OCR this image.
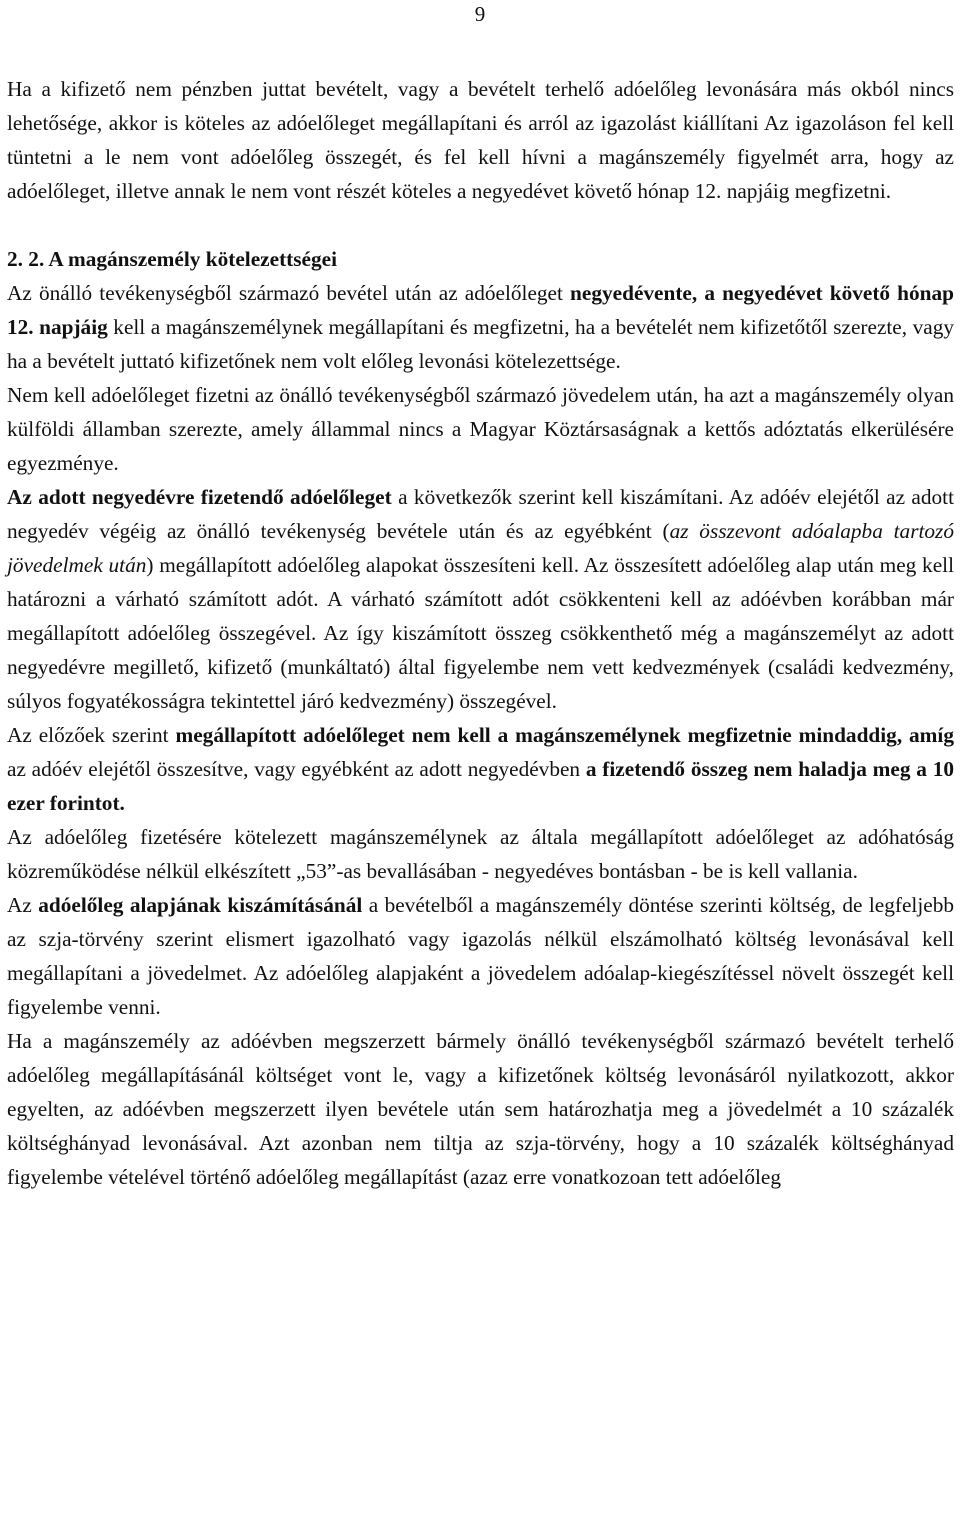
9

Ha a kifizető nem pénzben juttat bevételt, vagy a bevételt terhelő adóelőleg levonására más okból nincs lehetősége, akkor is köteles az adóelőleget megállapítani és arról az igazolást kiállítani Az igazoláson fel kell tüntetni a le nem vont adóelőleg összegét, és fel kell hívni a magánszemély figyelmét arra, hogy az adóelőleget, illetve annak le nem vont részét köteles a negyedévet követő hónap 12. napjáig megfizetni.

2. 2. A magánszemély kötelezettségei

Az önálló tevékenységből származó bevétel után az adóelőleget negyedévente, a negyedévet követő hónap 12. napjáig kell a magánszemélynek megállapítani és megfizetni, ha a bevételét nem kifizetőtől szerezte, vagy ha a bevételt juttató kifizetőnek nem volt előleg levonási kötelezettsége.

Nem kell adóelőleget fizetni az önálló tevékenységből származó jövedelem után, ha azt a magánszemély olyan külföldi államban szerezte, amely állammal nincs a Magyar Köztársaságnak a kettős adóztatás elkerülésére egyezménye.

Az adott negyedévre fizetendő adóelőleget a következők szerint kell kiszámítani. Az adóév elejétől az adott negyedév végéig az önálló tevékenység bevétele után és az egyébként (az összevont adóalapba tartozó jövedelmek után) megállapított adóelőleg alapokat összesíteni kell. Az összesített adóelőleg alap után meg kell határozni a várható számított adót. A várható számított adót csökkenteni kell az adóévben korábban már megállapított adóelőleg összegével. Az így kiszámított összeg csökkenthető még a magánszemélyt az adott negyedévre megillető, kifizető (munkáltató) által figyelembe nem vett kedvezmények (családi kedvezmény, súlyos fogyatékosságra tekintettel járó kedvezmény) összegével.

Az előzőek szerint megállapított adóelőleget nem kell a magánszemélynek megfizetnie mindaddig, amíg az adóév elejétől összesítve, vagy egyébként az adott negyedévben a fizetendő összeg nem haladja meg a 10 ezer forintot.

Az adóelőleg fizetésére kötelezett magánszemélynek az általa megállapított adóelőleget az adóhatóság közreműködése nélkül elkészített „53”-as bevallásában - negyedéves bontásban - be is kell vallania.

Az adóelőleg alapjának kiszámításánál a bevételből a magánszemély döntése szerinti költség, de legfeljebb az szja-törvény szerint elismert igazolható vagy igazolás nélkül elszámolható költség levonásával kell megállapítani a jövedelmet. Az adóelőleg alapjaként a jövedelem adóalap-kiegészítéssel növelt összegét kell figyelembe venni.

Ha a magánszemély az adóévben megszerzett bármely önálló tevékenységből származó bevételt terhelő adóelőleg megállapításánál költséget vont le, vagy a kifizetőnek költség levonásáról nyilatkozott, akkor egyelten, az adóévben megszerzett ilyen bevétele után sem határozhatja meg a jövedelmét a 10 százalék költséghányad levonásával. Azt azonban nem tiltja az szja-törvény, hogy a 10 százalék költséghányad figyelembe vételével történő adóelőleg megállapítást (azaz erre vonatkozoan tett adóelőleg
